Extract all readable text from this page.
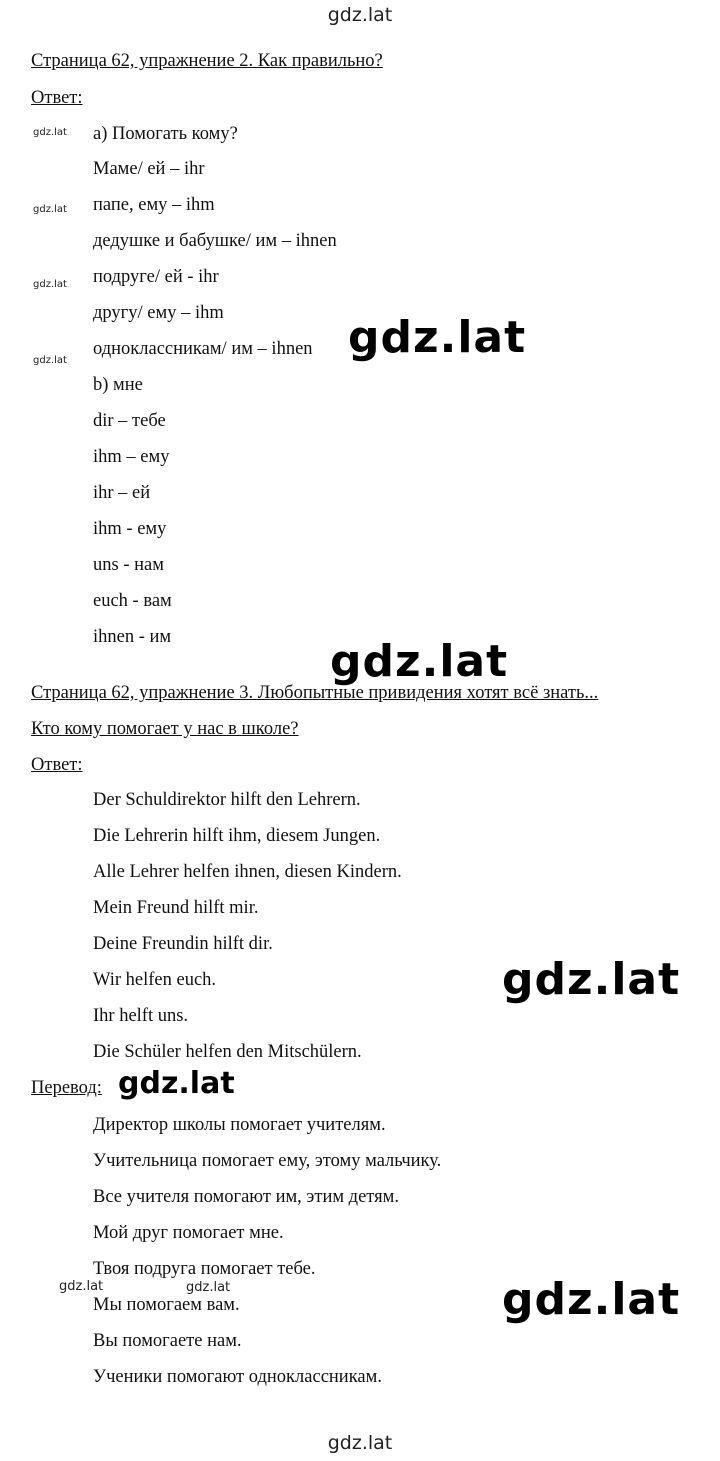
gdz.lat
gdz.lat
gdz.lat
gdz.lat
gdz.lat
gdz.lat	gdz.lat
gdz.lat
gdz.lat
gdz.lat
gdz.lat
gdz.lat	gdz.lat
Страница 62, упражнение 2. Как правильно?
Ответ:
а) Помогать кому?
Маме/ ей – ihr
папе, ему – ihm
дедушке и бабушке/ им – ihnen
подруге/ ей - ihr
другу/ ему – ihm
одноклассникам/ им – ihnen
b) мне
dir – тебе
ihm – ему
ihr – ей
ihm - ему
uns - нам
euch - вам
ihnen - им
Страница 62, упражнение 3. Любопытные привидения хотят всё знать...
Кто кому помогает у нас в школе?
Ответ:
Der Schuldirektor hilft den Lehrern.
Die Lehrerin hilft ihm, diesem Jungen.
Alle Lehrer helfen ihnen, diesen Kindern.
Mein Freund hilft mir.
Deine Freundin hilft dir.
Wir helfen euch.
Ihr helft uns.
Die Schüler helfen den Mitschülern.
Перевод:
Директор школы помогает учителям.
Учительница помогает ему, этому мальчику.
Все учителя помогают им, этим детям.
Мой друг помогает мне.
Твоя подруга помогает тебе.
Мы помогаем вам.
Вы помогаете нам.
Ученики помогают одноклассникам.
